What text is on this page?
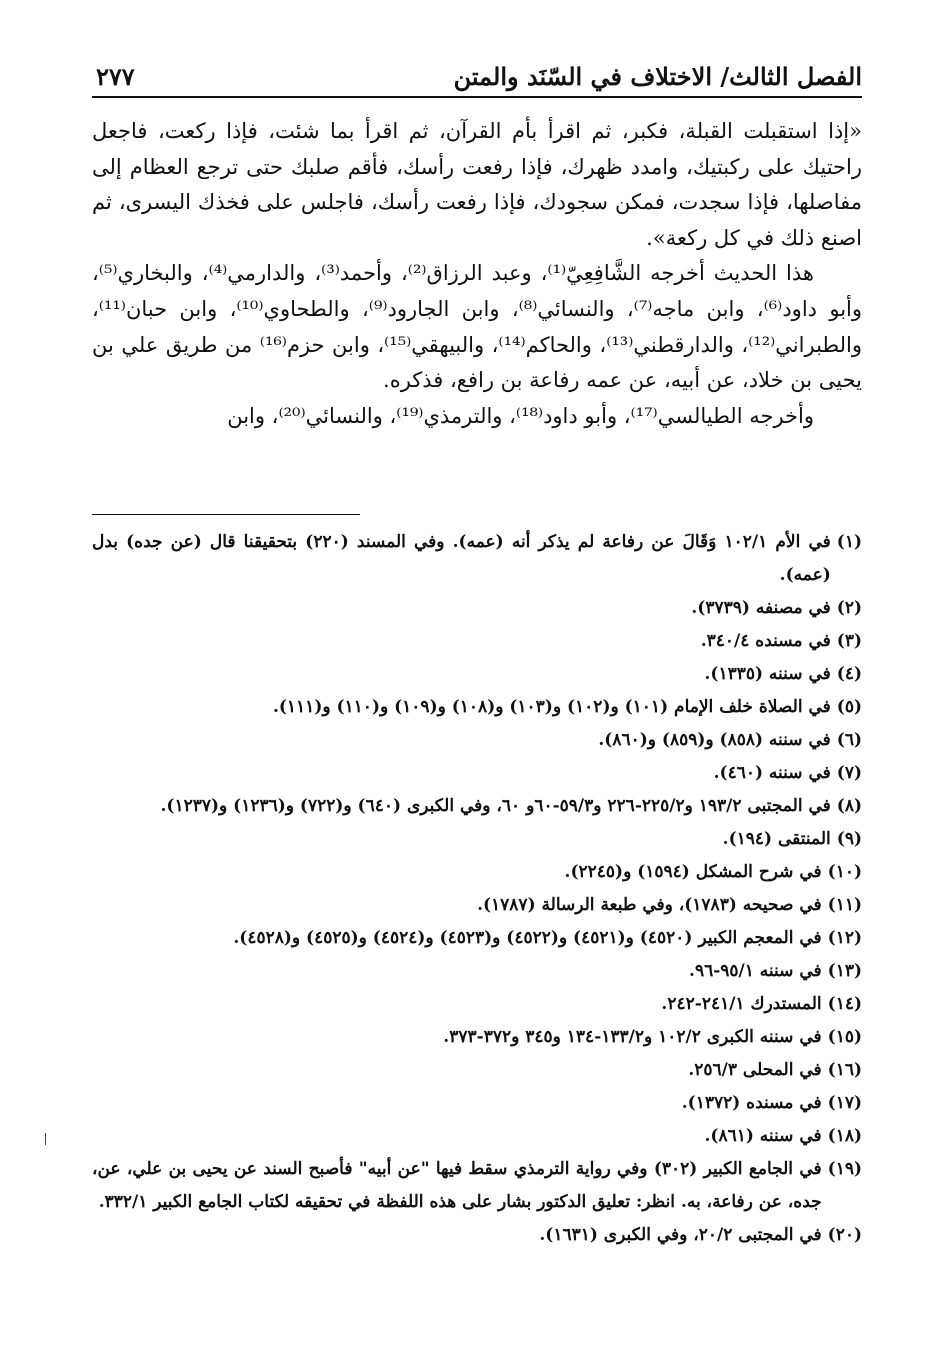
الفصل الثالث/ الاختلاف في السّنَد والمتن
٢٧٧

«إذا استقبلت القبلة، فكبر، ثم اقرأ بأم القرآن، ثم اقرأ بما شئت، فإذا ركعت، فاجعل راحتيك على ركبتيك، وامدد ظهرك، فإذا رفعت رأسك، فأقم صلبك حتى ترجع العظام إلى مفاصلها، فإذا سجدت، فمكن سجودك، فإذا رفعت رأسك، فاجلس على فخذك اليسرى، ثم اصنع ذلك في كل ركعة».

هذا الحديث أخرجه الشَّافِعِيّ⁽¹⁾، وعبد الرزاق⁽²⁾، وأحمد⁽³⁾، والدارمي⁽⁴⁾، والبخاري⁽⁵⁾، وأبو داود⁽⁶⁾، وابن ماجه⁽⁷⁾، والنسائي⁽⁸⁾، وابن الجارود⁽⁹⁾، والطحاوي⁽¹⁰⁾، وابن حبان⁽¹¹⁾، والطبراني⁽¹²⁾، والدارقطني⁽¹³⁾، والحاكم⁽¹⁴⁾، والبيهقي⁽¹⁵⁾، وابن حزم⁽¹⁶⁾ من طريق علي بن يحيى بن خلاد، عن أبيه، عن عمه رفاعة بن رافع، فذكره.

وأخرجه الطيالسي⁽¹⁷⁾، وأبو داود⁽¹⁸⁾، والترمذي⁽¹⁹⁾، والنسائي⁽²⁰⁾، وابن

(١)
في الأم ١٠٢/١ وَقَالَ عن رفاعة لم يذكر أنه (عمه). وفي المسند (٢٢٠) بتحقيقنا قال (عن جده) بدل (عمه).
(٢)
في مصنفه (٣٧٣٩).
(٣)
في مسنده ٣٤٠/٤.
(٤)
في سننه (١٣٣٥).
(٥)
في الصلاة خلف الإمام (١٠١) و(١٠٢) و(١٠٣) و(١٠٨) و(١٠٩) و(١١٠) و(١١١).
(٦)
في سننه (٨٥٨) و(٨٥٩) و(٨٦٠).
(٧)
في سننه (٤٦٠).
(٨)
في المجتبى ١٩٣/٢ و٢٢٥/٢-٢٢٦ و٥٩/٣-٦٠و ٦٠، وفي الكبرى (٦٤٠) و(٧٢٢) و(١٢٣٦) و(١٢٣٧).
(٩)
المنتقى (١٩٤).
(١٠)
في شرح المشكل (١٥٩٤) و(٢٢٤٥).
(١١)
في صحيحه (١٧٨٣)، وفي طبعة الرسالة (١٧٨٧).
(١٢)
في المعجم الكبير (٤٥٢٠) و(٤٥٢١) و(٤٥٢٢) و(٤٥٢٣) و(٤٥٢٤) و(٤٥٢٥) و(٤٥٢٨).
(١٣)
في سننه ٩٥/١-٩٦.
(١٤)
المستدرك ٢٤١/١-٢٤٢.
(١٥)
في سننه الكبرى ١٠٢/٢ و١٣٣/٢-١٣٤ و٣٤٥ و٣٧٢-٣٧٣.
(١٦)
في المحلى ٢٥٦/٣.
(١٧)
في مسنده (١٣٧٢).
(١٨)
في سننه (٨٦١).
(١٩)
في الجامع الكبير (٣٠٢) وفي رواية الترمذي سقط فيها "عن أبيه" فأصبح السند عن يحيى بن علي، عن، جده، عن رفاعة، به. انظر: تعليق الدكتور بشار على هذه اللفظة في تحقيقه لكتاب الجامع الكبير ٣٣٢/١.
(٢٠)
في المجتبى ٢٠/٢، وفي الكبرى (١٦٣١).
